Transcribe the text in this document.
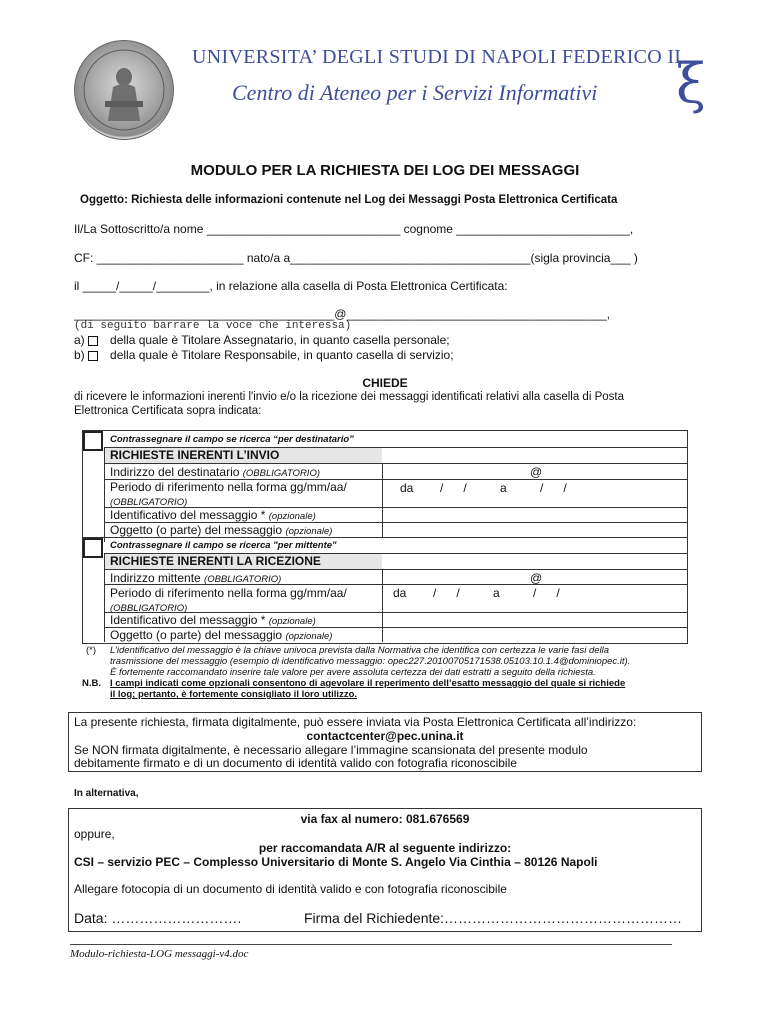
UNIVERSITA’ DEGLI STUDI DI NAPOLI FEDERICO II
Centro di Ateneo per i Servizi Informativi ξ
MODULO PER LA RICHIESTA DEI LOG DEI MESSAGGI
Oggetto: Richiesta delle informazioni contenute nel Log dei Messaggi Posta Elettronica Certificata
Il/La Sottoscritto/a nome _____________________________ cognome __________________________,
CF: ______________________ nato/a a____________________________________(sigla provincia___ )
il _____/_____/________, in relazione alla casella di Posta Elettronica Certificata:
_______________________________________@_______________________________________,
(di seguito barrare la voce che interessa)
a) della quale è Titolare Assegnatario, in quanto casella personale;
b) della quale è Titolare Responsabile, in quanto casella di servizio;
CHIEDE
di ricevere le informazioni inerenti l'invio e/o la ricezione dei messaggi identificati relativi alla casella di Posta
Elettronica Certificata sopra indicata:
Contrassegnare il campo se ricerca “per destinatario”
RICHIESTE INERENTI L’INVIO
Indirizzo del destinatario (OBBLIGATORIO)	@
Periodo di riferimento nella forma gg/mm/aa/
(OBBLIGATORIO)
da        /      /          a          /      /
Identificativo del messaggio * (opzionale)
Oggetto (o parte) del messaggio (opzionale)
Contrassegnare il campo se ricerca "per mittente"
RICHIESTE INERENTI LA RICEZIONE
Indirizzo mittente (OBBLIGATORIO)	@
Periodo di riferimento nella forma gg/mm/aa/
(OBBLIGATORIO)
da        /      /          a          /      /
Identificativo del messaggio * (opzionale)
Oggetto (o parte) del messaggio (opzionale)
(*) L’identificativo del messaggio è la chiave univoca prevista dalla Normativa che identifica con certezza le varie fasi della
trasmissione del messaggio (esempio di identificativo messaggio: opec227.20100705171538.05103.10.1.4@dominiopec.it).
È fortemente raccomandato inserire tale valore per avere assoluta certezza dei dati estratti a seguito della richiesta.
N.B. I campi indicati come opzionali consentono di agevolare il reperimento dell’esatto messaggio del quale si richiede
il log; pertanto, è fortemente consigliato il loro utilizzo.
La presente richiesta, firmata digitalmente, può essere inviata via Posta Elettronica Certificata all’indirizzo:
contactcenter@pec.unina.it
Se NON firmata digitalmente, è necessario allegare l’immagine scansionata del presente modulo
debitamente firmato e di un documento di identità valido con fotografia riconoscibile
In alternativa,
via fax al numero: 081.676569
oppure,
per raccomandata A/R al seguente indirizzo:
CSI – servizio PEC – Complesso Universitario di Monte S. Angelo Via Cinthia – 80126 Napoli
Allegare fotocopia di un documento di identità valido e con fotografia riconoscibile
Data: ……………………….	Firma del Richiedente:……………………………………………
Modulo-richiesta-LOG messaggi-v4.doc
